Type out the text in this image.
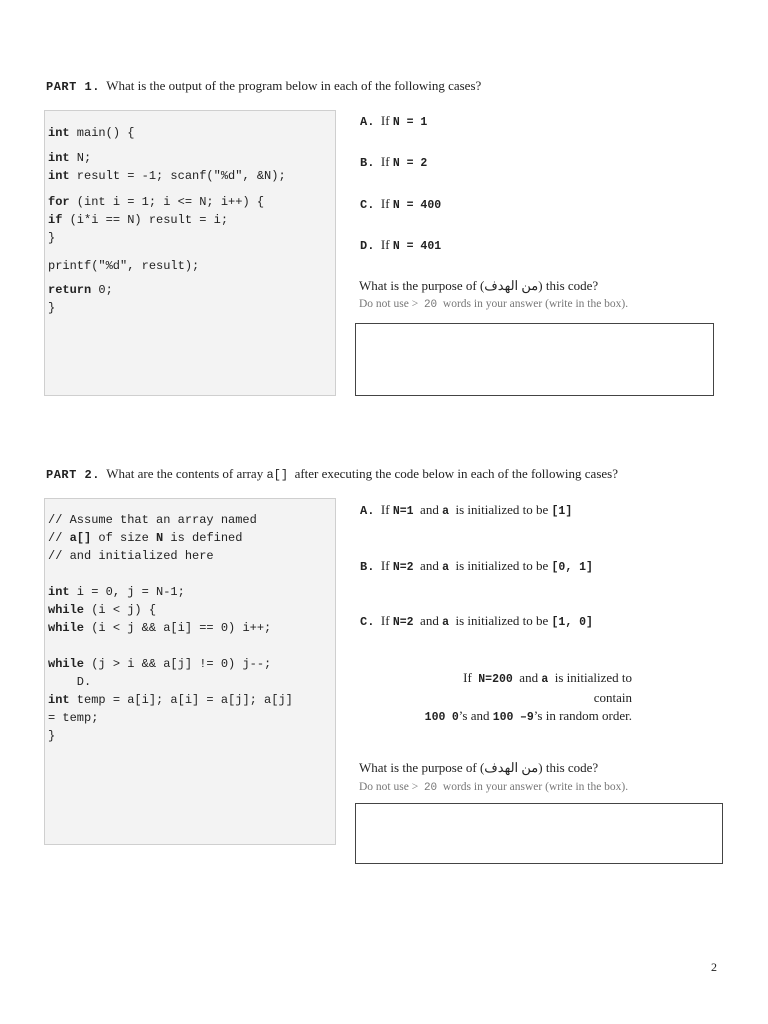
PART 1. What is the output of the program below in each of the following cases?
int main() {
int N;
int result = -1; scanf("%d", &N);
for (int i = 1; i <= N; i++) {
if (i*i == N) result = i;
}
printf("%d", result);
return 0;
}
A. If N = 1
B. If N = 2
C. If N = 400
D. If N = 401
What is the purpose of (من الهدف) this code?
Do not use > 20 words in your answer (write in the box).
PART 2. What are the contents of array a[] after executing the code below in each of the following cases?
// Assume that an array named
// a[] of size N is defined
// and initialized here

int i = 0, j = N-1;
while (i < j) {
while (i < j && a[i] == 0) i++;

while (j > i && a[j] != 0) j--;
D.
int temp = a[i]; a[i] = a[j]; a[j]
= temp;
}
A. If N=1 and a is initialized to be [1]
B. If N=2 and a is initialized to be [0, 1]
C. If N=2 and a is initialized to be [1, 0]
If N=200 and a is initialized to
contain
100 0’s and 100 –9’s in random order.
What is the purpose of (من الهدف) this code?
Do not use > 20 words in your answer (write in the box).
2
